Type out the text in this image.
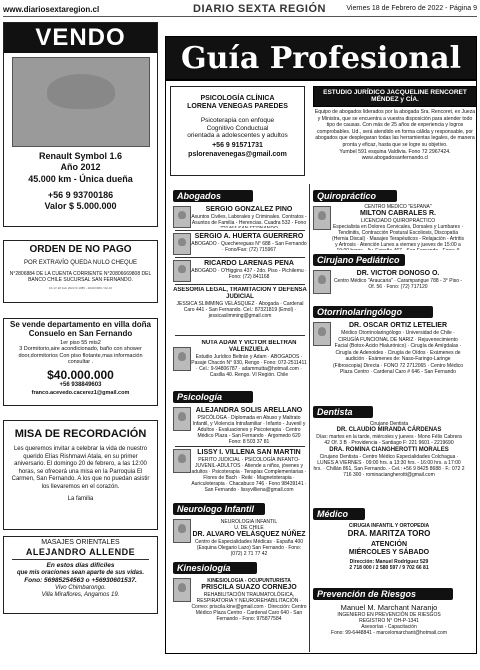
www.diariosextaregion.cl	DIARIO SEXTA REGIÓN	Viernes 18 de Febrero de 2022 - Página 9
VENDO
Renault Symbol 1.6
Año 2012
45.000 km - Única dueña
+56 9 93700186
Valor $ 5.000.000
ORDEN DE NO PAGO
POR EXTRAVÍO QUEDA NULO CHEQUE
N°2806884 DE LA CUENTA CORRIENTE N°20806669808 DEL BANCO CHILE SUCURSAL SAN FERNANDO.
16-17-18 Feb 2022 R.1085 - 2022/1669 / 02-16
Se vende departamento en villa doña Consuelo en San Fernando
1er piso 55 mts2
3 Dormitorio,aire acondicionado, baño con shower door,dormitorios Con piso flotante,mas información consultar .
$40.000.000
+56 938849603
franco.acevedo.cacerez1@gmail.com
MISA DE RECORDACIÓN
Les queremos invitar a celebrar la vida de nuestro querido Elías Rishmawi Atala, en su primer aniversario. El domingo 20 de febrero, a las 12:00 horas, se ofrecerá una misa en la Parroquia El Carmen, San Fernando. A los que no puedan asistir los llevaremos en el corazón.
La familia
MASAJES ORIENTALES
ALEJANDRO ALLENDE
En estos días difíciles
que mis oraciones sean aparte de sus vidas.
Fono: 56985254563 o +56930601537.
Vivo Chimbarongo.
Villa Miraflores, Angamos 19.
Guía Profesional
PSICOLOGÍA CLÍNICA
LORENA VENEGAS PAREDES
Psicoterapia con enfoque
Cognitivo Conductual
orientada a adolescentes y adultos
+56 9 91571731
pslorenavenegas@gmail.com
ESTUDIO JURÍDICO JACQUELINE RENCORET MÉNDEZ y CÍA.
Equipo de abogados liderados por la abogada Sra. Rencoret, ex Jueza y Ministra, que se encuentra a vuestra disposición para atender todo tipo de causas. Con más de 25 años de experiencia y logros comprobables. Ud., será atendido en forma cálida y responsable, por abogados que desplegaran todas las herramientas legales, de manera pronta y eficaz, hasta que se logre su objetivo.
Yumbel 591 esquina Valdivia. Fono 72 2967424.
www.abogadosanfernando.cl
Abogados
SERGIO GONZÁLEZ PINO
Asuntos Civiles, Laborales y Criminales. Contratos - Asuntos de Familia - Herencias. Cuadra 532 - Fono
SERGIO A. HUERTA GUERRERO
ABOGADO · Quechereguas N° 688 - San Fernando · Fono/Fax: (72) 715967
RICARDO LARENAS PEÑA
ABOGADO · O'Higgins 437 - 2do. Piso - Pichilemu · Fono: (72) 841168
ASESORÍA LEGAL, TRAMITACIÓN Y DEFENSA JUDICIAL
JESSICA SLIMMING VELÁSQUEZ · Abogada · Cardenal Caro 441 - San Fernando. Cel.: 87321819 (Emol) · jessicaslimming@gmail.com
NUTA ADAM Y VÍCTOR BELTRÁN VALENZUELA
Estudio Jurídico Beltrán y Adam · ABOGADOS · Pasaje Chacón N° 930, Rengo · Fono: 072-2511411 · Cel.: 9-94806787 · adammutta@hotmail.com · Casilla 40. Rengo. VI Región. Chile
Psicología
ALEJANDRA SOLÍS ARELLANO
PSICÓLOGA · Diplomada en Abuso y Maltrato Infantil, y Violencia Intrafamiliar · Infanto - Juvenil y Adultos · Evaluaciones y Psicoterapia · Centro Médico Plaza - San Fernando · Argomedo 620 Fono: 8 503 37 81
LISSY I. VILLENA SAN MARTÍN
PERITO JUDICIAL · PSICOLOGÍA INFANTO-JUVENIL-ADULTOS · Atiende a niños, jóvenes y adultos · Psicoterapia · Terapias Complementarias · Flores de Bach · Reiki · Magnetoterapia · Auriculoterapia · Chacabuco 746 · Fono 98439141 · San Fernando · lissyvilliena@gmail.com
Neurologo Infantil
NEUROLOGÍA INFANTIL
U. DE CHILE
DR. ALVARO VELÁSQUEZ NÚÑEZ
Centro de Especialidades Médicas · España 400 (Esquina Olegario Lazo) San Fernando · Fono: (072) 2 71 77 42
Kinesiología
KINESIOLOGÍA - OCUPUNTURISTA
PRISCILA SUAZO CORNEJO
REHABILITACIÓN TRAUMATOLÓGICA, RESPIRATORIA Y NEUROREHABILITACIÓN · Correo: priscila.kine@gmail.com · Dirección: Centro Médico Plaza Centro - Cardenal Caro 640 - San Fernando - Fono: 975877584
Quiropráctico
CENTRO MÉDICO "ESPAÑA"
MILTON CABRALES R.
LICENCIADO QUIROPRÁCTICO
Especialista en Dolores Cervicales, Dorsales y Lumbares · Tendinitis, Contracción Postural Escoliosis, Discopatía (Hernia Discal) · Masajes Terapéuticos - Relajación - Artritis y Artrosis · Atención Lunes a viernes y jueves de 15:00 a
Cirujano Pediátrico
DR. VÍCTOR DONOSO O.
Centro Médico "Araucaria" · Carampangue 788 - 3° Piso - Of. 56 · Fono: (72) 717120
Otorrinolaringólogo
DR. ÓSCAR ORTIZ LETELIER
Médico Otorrinolaringólogo · Universidad de Chile · CIRUGÍA FUNCIONAL DE NARIZ · Rejuvenecimiento Facial (Botox-Acido Hialurónico) · Cirugía de Amígdalas · Cirugía de Adenoides · Cirugía de Oídos · Exámenes de audición · Exámenes de: Naso-Faringo-Laringe (Fibroscopia) Directa · FONO 72 2712065 · Centro Médico Plaza Centro · Cardenal Caro # 646 - San Fernando
Dentista
Cirujano Dentista
DR. CLAUDIO MIRANDA CÁRDENAS
Días: martes en la tarde, miércoles y jueves · Mono Félix Cabrera 42 Of. 3 B · Providencia - Santiago F: 221 9601 - 2219690
DRA. ROMINA CIANGHEROTTI MORALES
Cirujano Dentista - Centro Médico Especialidades Colchagua · LUNES A VIERNES · 09:00 hrs. a 13:30 hrs. - 16:00 hrs. a 17:00 hrs. · Chillán 861, San Fernando. - Cel.: +56 9 8425 8688 · F.: 072 2 716 300 · rominaciangherotti@gmail.com
Médico
CIRUGÍA INFANTIL Y ORTOPEDIA
DRA. MARITZA TORO
ATENCIÓN
MIÉRCOLES Y SÁBADO
Dirección: Manuel Rodríguez 529
2 718 000 / 2 580 597 / 9 702 66 81
Prevención de Riesgos
Manuel M. Marchant Naranjo
INGENIERO EN PREVENCIÓN DE RIESGOS
REGISTRO N° OH-P-1341
Asesorías - Capacitación
Fono: 99-6448841 - marcelomarchant@hotmail.com
